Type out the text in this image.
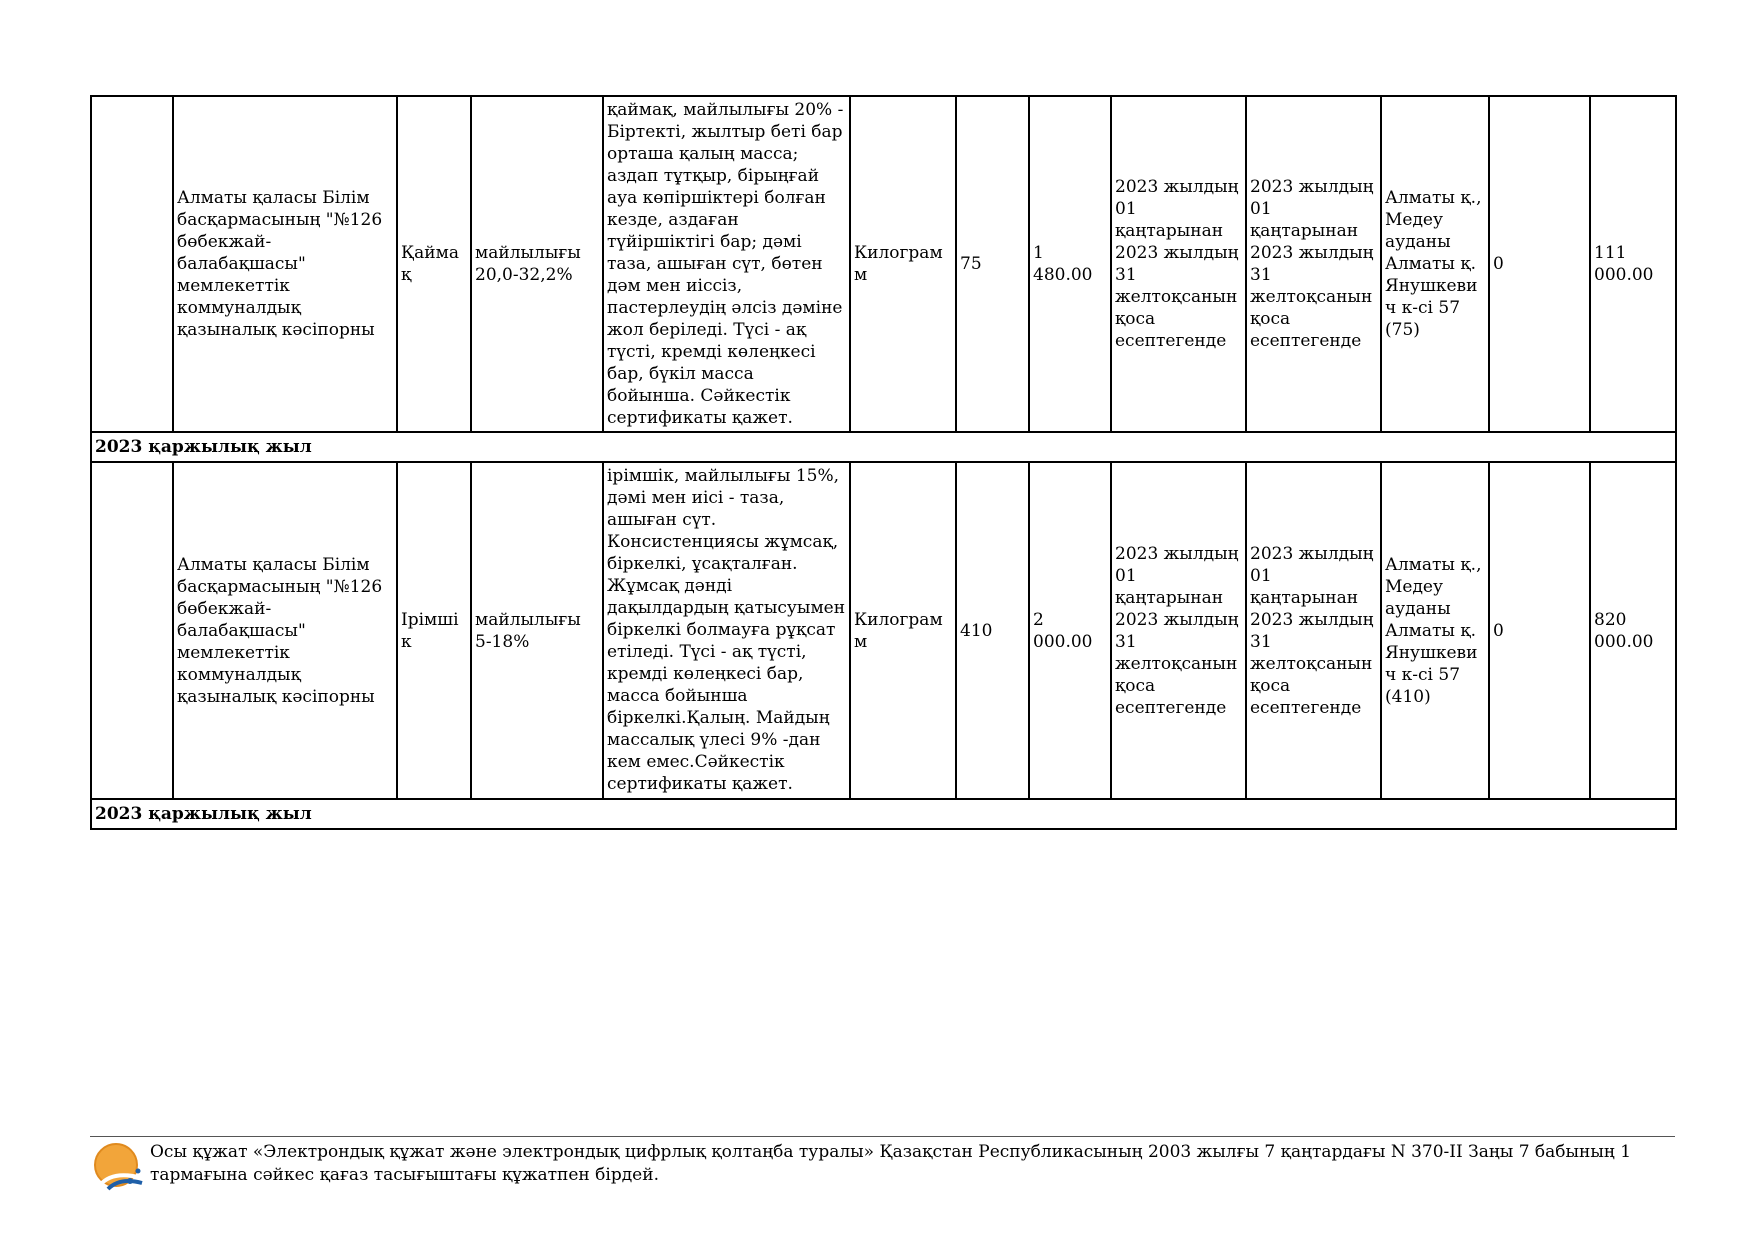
	Алматы қаласы Білім басқармасының "№126 бөбекжай-балабақшасы" мемлекеттік коммуналдық қазыналық кәсіпорны	Қаймақ	майлылығы 20,0-32,2%	қаймақ, майлылығы 20% - Біртекті, жылтыр беті бар орташа қалың масса; аздап тұтқыр, бірыңғай ауа көпіршіктері болған кезде, аздаған түйіршіктігі бар; дәмі таза, ашыған сүт, бөтен дәм мен иіссіз, пастерлеудің әлсіз дәміне жол беріледі. Түсі - ақ түсті, кремді көлеңкесі бар, бүкіл масса бойынша. Сәйкестік сертификаты қажет.	Килограмм	75	1 480.00	2023 жылдың 01 қаңтарынан 2023 жылдың 31 желтоқсанын қоса есептегенде	2023 жылдың 01 қаңтарынан 2023 жылдың 31 желтоқсанын қоса есептегенде	Алматы қ., Медеу ауданы Алматы қ. Янушкевич к-сі 57 (75)	0	111 000.00
2023 қаржылық жыл												
	Алматы қаласы Білім басқармасының "№126 бөбекжай-балабақшасы" мемлекеттік коммуналдық қазыналық кәсіпорны	Ірімшік	майлылығы 5-18%	ірімшік, майлылығы 15%, дәмі мен иісі - таза, ашыған сүт. Консистенциясы жұмсақ, біркелкі, ұсақталған. Жұмсақ дәнді дақылдардың қатысуымен біркелкі болмауға рұқсат етіледі. Түсі - ақ түсті, кремді көлеңкесі бар, масса бойынша біркелкі.Қалың. Майдың массалық үлесі 9% -дан кем емес.Сәйкестік сертификаты қажет.	Килограмм	410	2 000.00	2023 жылдың 01 қаңтарынан 2023 жылдың 31 желтоқсанын қоса есептегенде	2023 жылдың 01 қаңтарынан 2023 жылдың 31 желтоқсанын қоса есептегенде	Алматы қ., Медеу ауданы Алматы қ. Янушкевич к-сі 57 (410)	0	820 000.00
2023 қаржылық жыл												
Осы құжат «Электрондық құжат және электрондық цифрлық қолтаңба туралы» Қазақстан Республикасының 2003 жылғы 7 қаңтардағы N 370-II Заңы 7 бабының 1 тармағына сәйкес қағаз тасығыштағы құжатпен бірдей.
